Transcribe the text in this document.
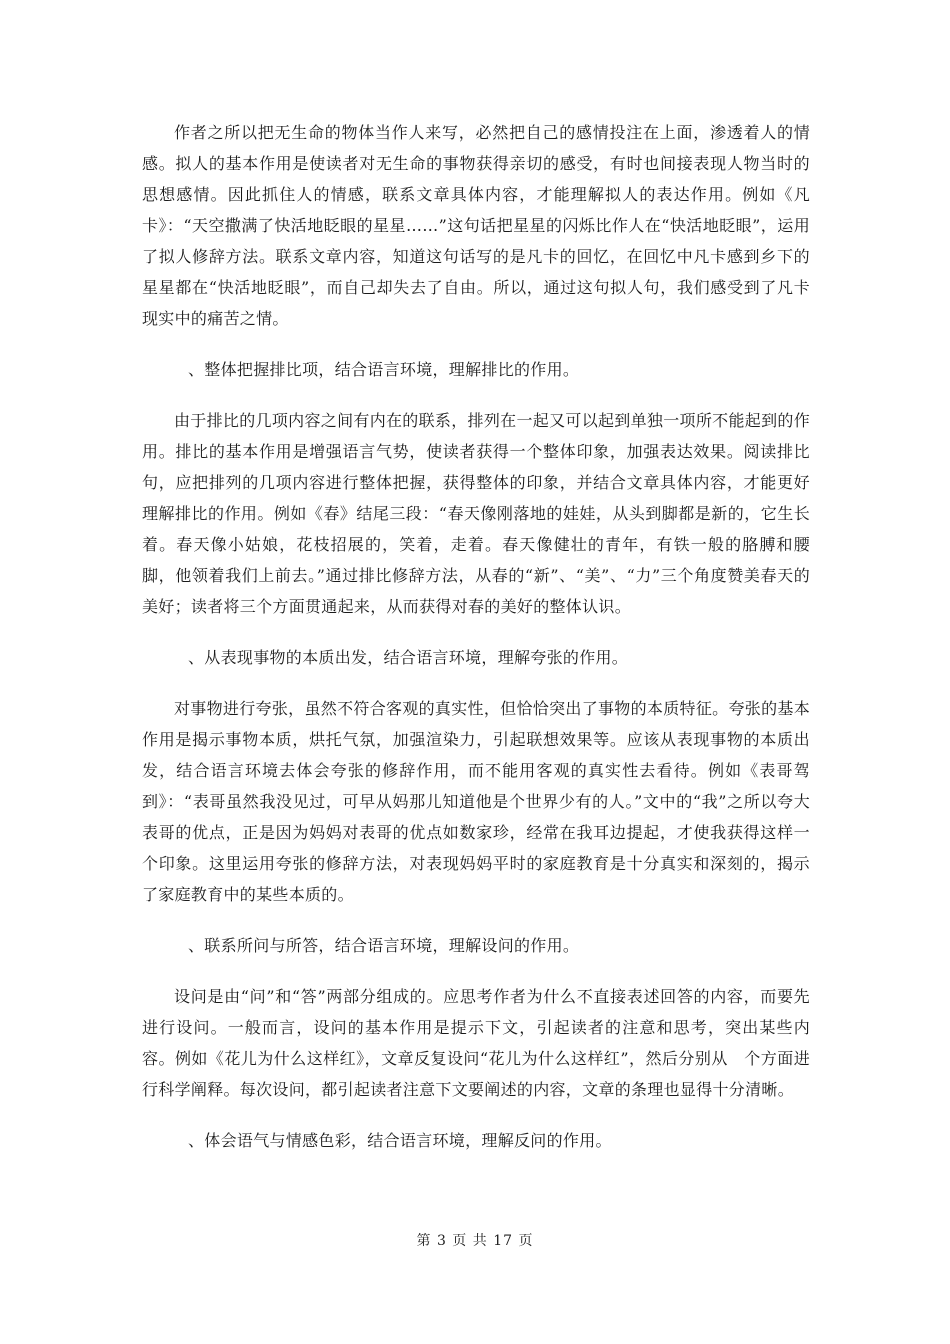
作者之所以把无生命的物体当作人来写，必然把自己的感情投注在上面，渗透着人的情感。拟人的基本作用是使读者对无生命的事物获得亲切的感受，有时也间接表现人物当时的思想感情。因此抓住人的情感，联系文章具体内容，才能理解拟人的表达作用。例如《凡卡》：“天空撒满了快活地眨眼的星星……”这句话把星星的闪烁比作人在“快活地眨眼”，运用了拟人修辞方法。联系文章内容，知道这句话写的是凡卡的回忆，在回忆中凡卡感到乡下的星星都在“快活地眨眼”，而自己却失去了自由。所以，通过这句拟人句，我们感受到了凡卡现实中的痛苦之情。

、整体把握排比项，结合语言环境，理解排比的作用。

由于排比的几项内容之间有内在的联系，排列在一起又可以起到单独一项所不能起到的作用。排比的基本作用是增强语言气势，使读者获得一个整体印象，加强表达效果。阅读排比句，应把排列的几项内容进行整体把握，获得整体的印象，并结合文章具体内容，才能更好理解排比的作用。例如《春》结尾三段：“春天像刚落地的娃娃，从头到脚都是新的，它生长着。春天像小姑娘，花枝招展的，笑着，走着。春天像健壮的青年，有铁一般的胳膊和腰脚，他领着我们上前去。”通过排比修辞方法，从春的“新”、“美”、“力”三个角度赞美春天的美好；读者将三个方面贯通起来，从而获得对春的美好的整体认识。

、从表现事物的本质出发，结合语言环境，理解夸张的作用。

对事物进行夸张，虽然不符合客观的真实性，但恰恰突出了事物的本质特征。夸张的基本作用是揭示事物本质，烘托气氛，加强渲染力，引起联想效果等。应该从表现事物的本质出发，结合语言环境去体会夸张的修辞作用，而不能用客观的真实性去看待。例如《表哥驾到》：“表哥虽然我没见过，可早从妈那儿知道他是个世界少有的人。”文中的“我”之所以夸大表哥的优点，正是因为妈妈对表哥的优点如数家珍，经常在我耳边提起，才使我获得这样一个印象。这里运用夸张的修辞方法，对表现妈妈平时的家庭教育是十分真实和深刻的，揭示了家庭教育中的某些本质的。

、联系所问与所答，结合语言环境，理解设问的作用。

设问是由“问”和“答”两部分组成的。应思考作者为什么不直接表述回答的内容，而要先进行设问。一般而言，设问的基本作用是提示下文，引起读者的注意和思考，突出某些内容。例如《花儿为什么这样红》，文章反复设问“花儿为什么这样红”，然后分别从　个方面进行科学阐释。每次设问，都引起读者注意下文要阐述的内容，文章的条理也显得十分清晰。

、体会语气与情感色彩，结合语言环境，理解反问的作用。

第 3 页 共 17 页
